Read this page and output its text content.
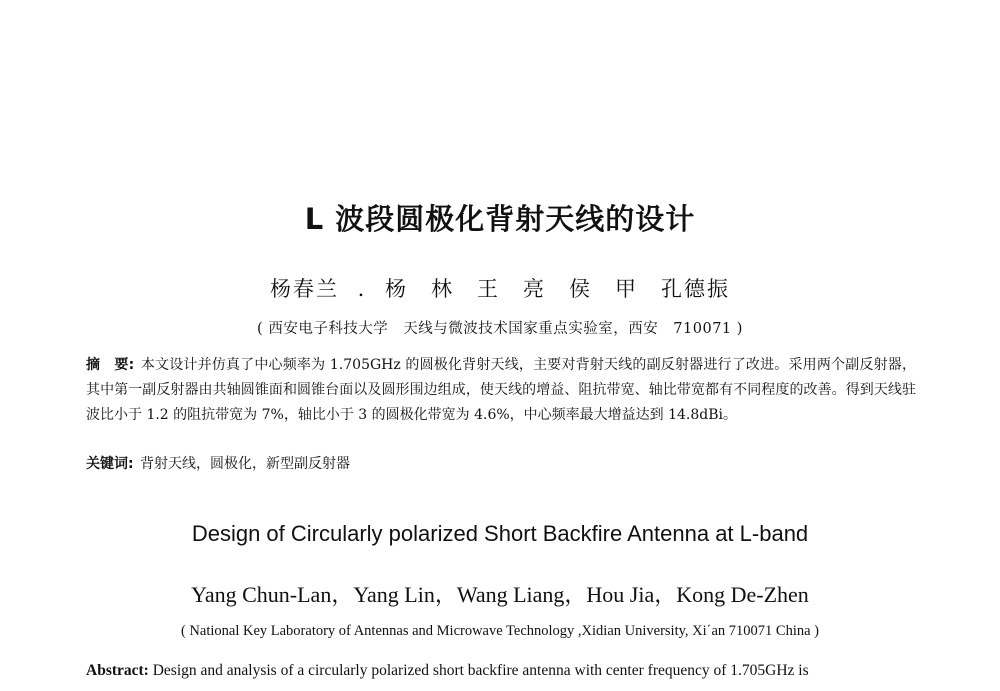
L 波段圆极化背射天线的设计
杨春兰 . 杨　林　王　亮　侯　甲　孔德振
( 西安电子科技大学　天线与微波技术国家重点实验室，西安　710071 )
摘　要: 本文设计并仿真了中心频率为 1.705GHz 的圆极化背射天线，主要对背射天线的副反射器进行了改进。采用两个副反射器，其中第一副反射器由共轴圆锥面和圆锥台面以及圆形围边组成，使天线的增益、阻抗带宽、轴比带宽都有不同程度的改善。得到天线驻波比小于 1.2 的阻抗带宽为 7%，轴比小于 3 的圆极化带宽为 4.6%，中心频率最大增益达到 14.8dBi。
关键词: 背射天线，圆极化，新型副反射器
Design of Circularly polarized Short Backfire Antenna at L-band
Yang Chun-Lan，Yang Lin，Wang Liang，Hou Jia，Kong De-Zhen
( National Key Laboratory of Antennas and Microwave Technology ,Xidian University, Xi΄an 710071 China )
Abstract: Design and analysis of a circularly polarized short backfire antenna with center frequency of 1.705GHz is
